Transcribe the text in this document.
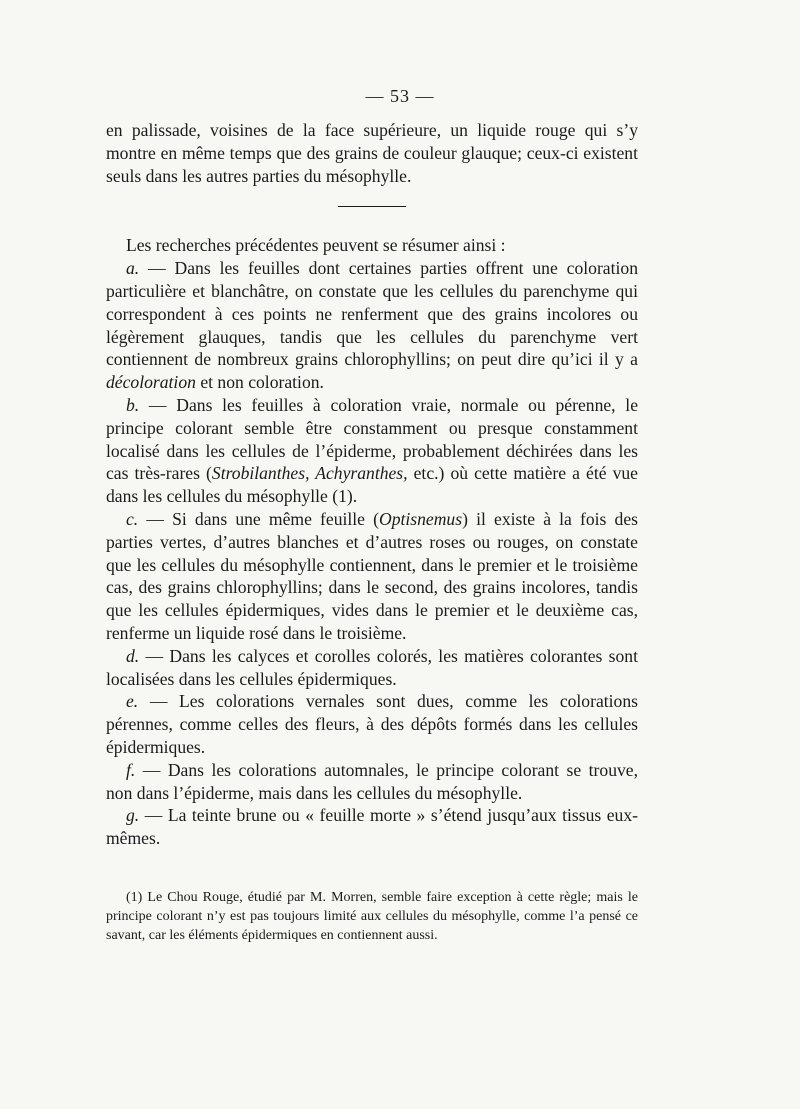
— 53 —

en palissade, voisines de la face supérieure, un liquide rouge qui s’y montre en même temps que des grains de couleur glauque; ceux-ci existent seuls dans les autres parties du mésophylle.

Les recherches précédentes peuvent se résumer ainsi :

a. — Dans les feuilles dont certaines parties offrent une coloration particulière et blanchâtre, on constate que les cellules du parenchyme qui correspondent à ces points ne renferment que des grains incolores ou légèrement glauques, tandis que les cellules du parenchyme vert contiennent de nombreux grains chlorophyllins; on peut dire qu’ici il y a décoloration et non coloration.

b. — Dans les feuilles à coloration vraie, normale ou pérenne, le principe colorant semble être constamment ou presque constamment localisé dans les cellules de l’épiderme, probablement déchirées dans les cas très-rares (Strobilanthes, Achyranthes, etc.) où cette matière a été vue dans les cellules du mésophylle (1).

c. — Si dans une même feuille (Optisnemus) il existe à la fois des parties vertes, d’autres blanches et d’autres roses ou rouges, on constate que les cellules du mésophylle contiennent, dans le premier et le troisième cas, des grains chlorophyllins; dans le second, des grains incolores, tandis que les cellules épidermiques, vides dans le premier et le deuxième cas, renferme un liquide rosé dans le troisième.

d. — Dans les calyces et corolles colorés, les matières colorantes sont localisées dans les cellules épidermiques.

e. — Les colorations vernales sont dues, comme les colorations pérennes, comme celles des fleurs, à des dépôts formés dans les cellules épidermiques.

f. — Dans les colorations automnales, le principe colorant se trouve, non dans l’épiderme, mais dans les cellules du mésophylle.

g. — La teinte brune ou « feuille morte » s’étend jusqu’aux tissus eux-mêmes.

(1) Le Chou Rouge, étudié par M. Morren, semble faire exception à cette règle; mais le principe colorant n’y est pas toujours limité aux cellules du mésophylle, comme l’a pensé ce savant, car les éléments épidermiques en contiennent aussi.
